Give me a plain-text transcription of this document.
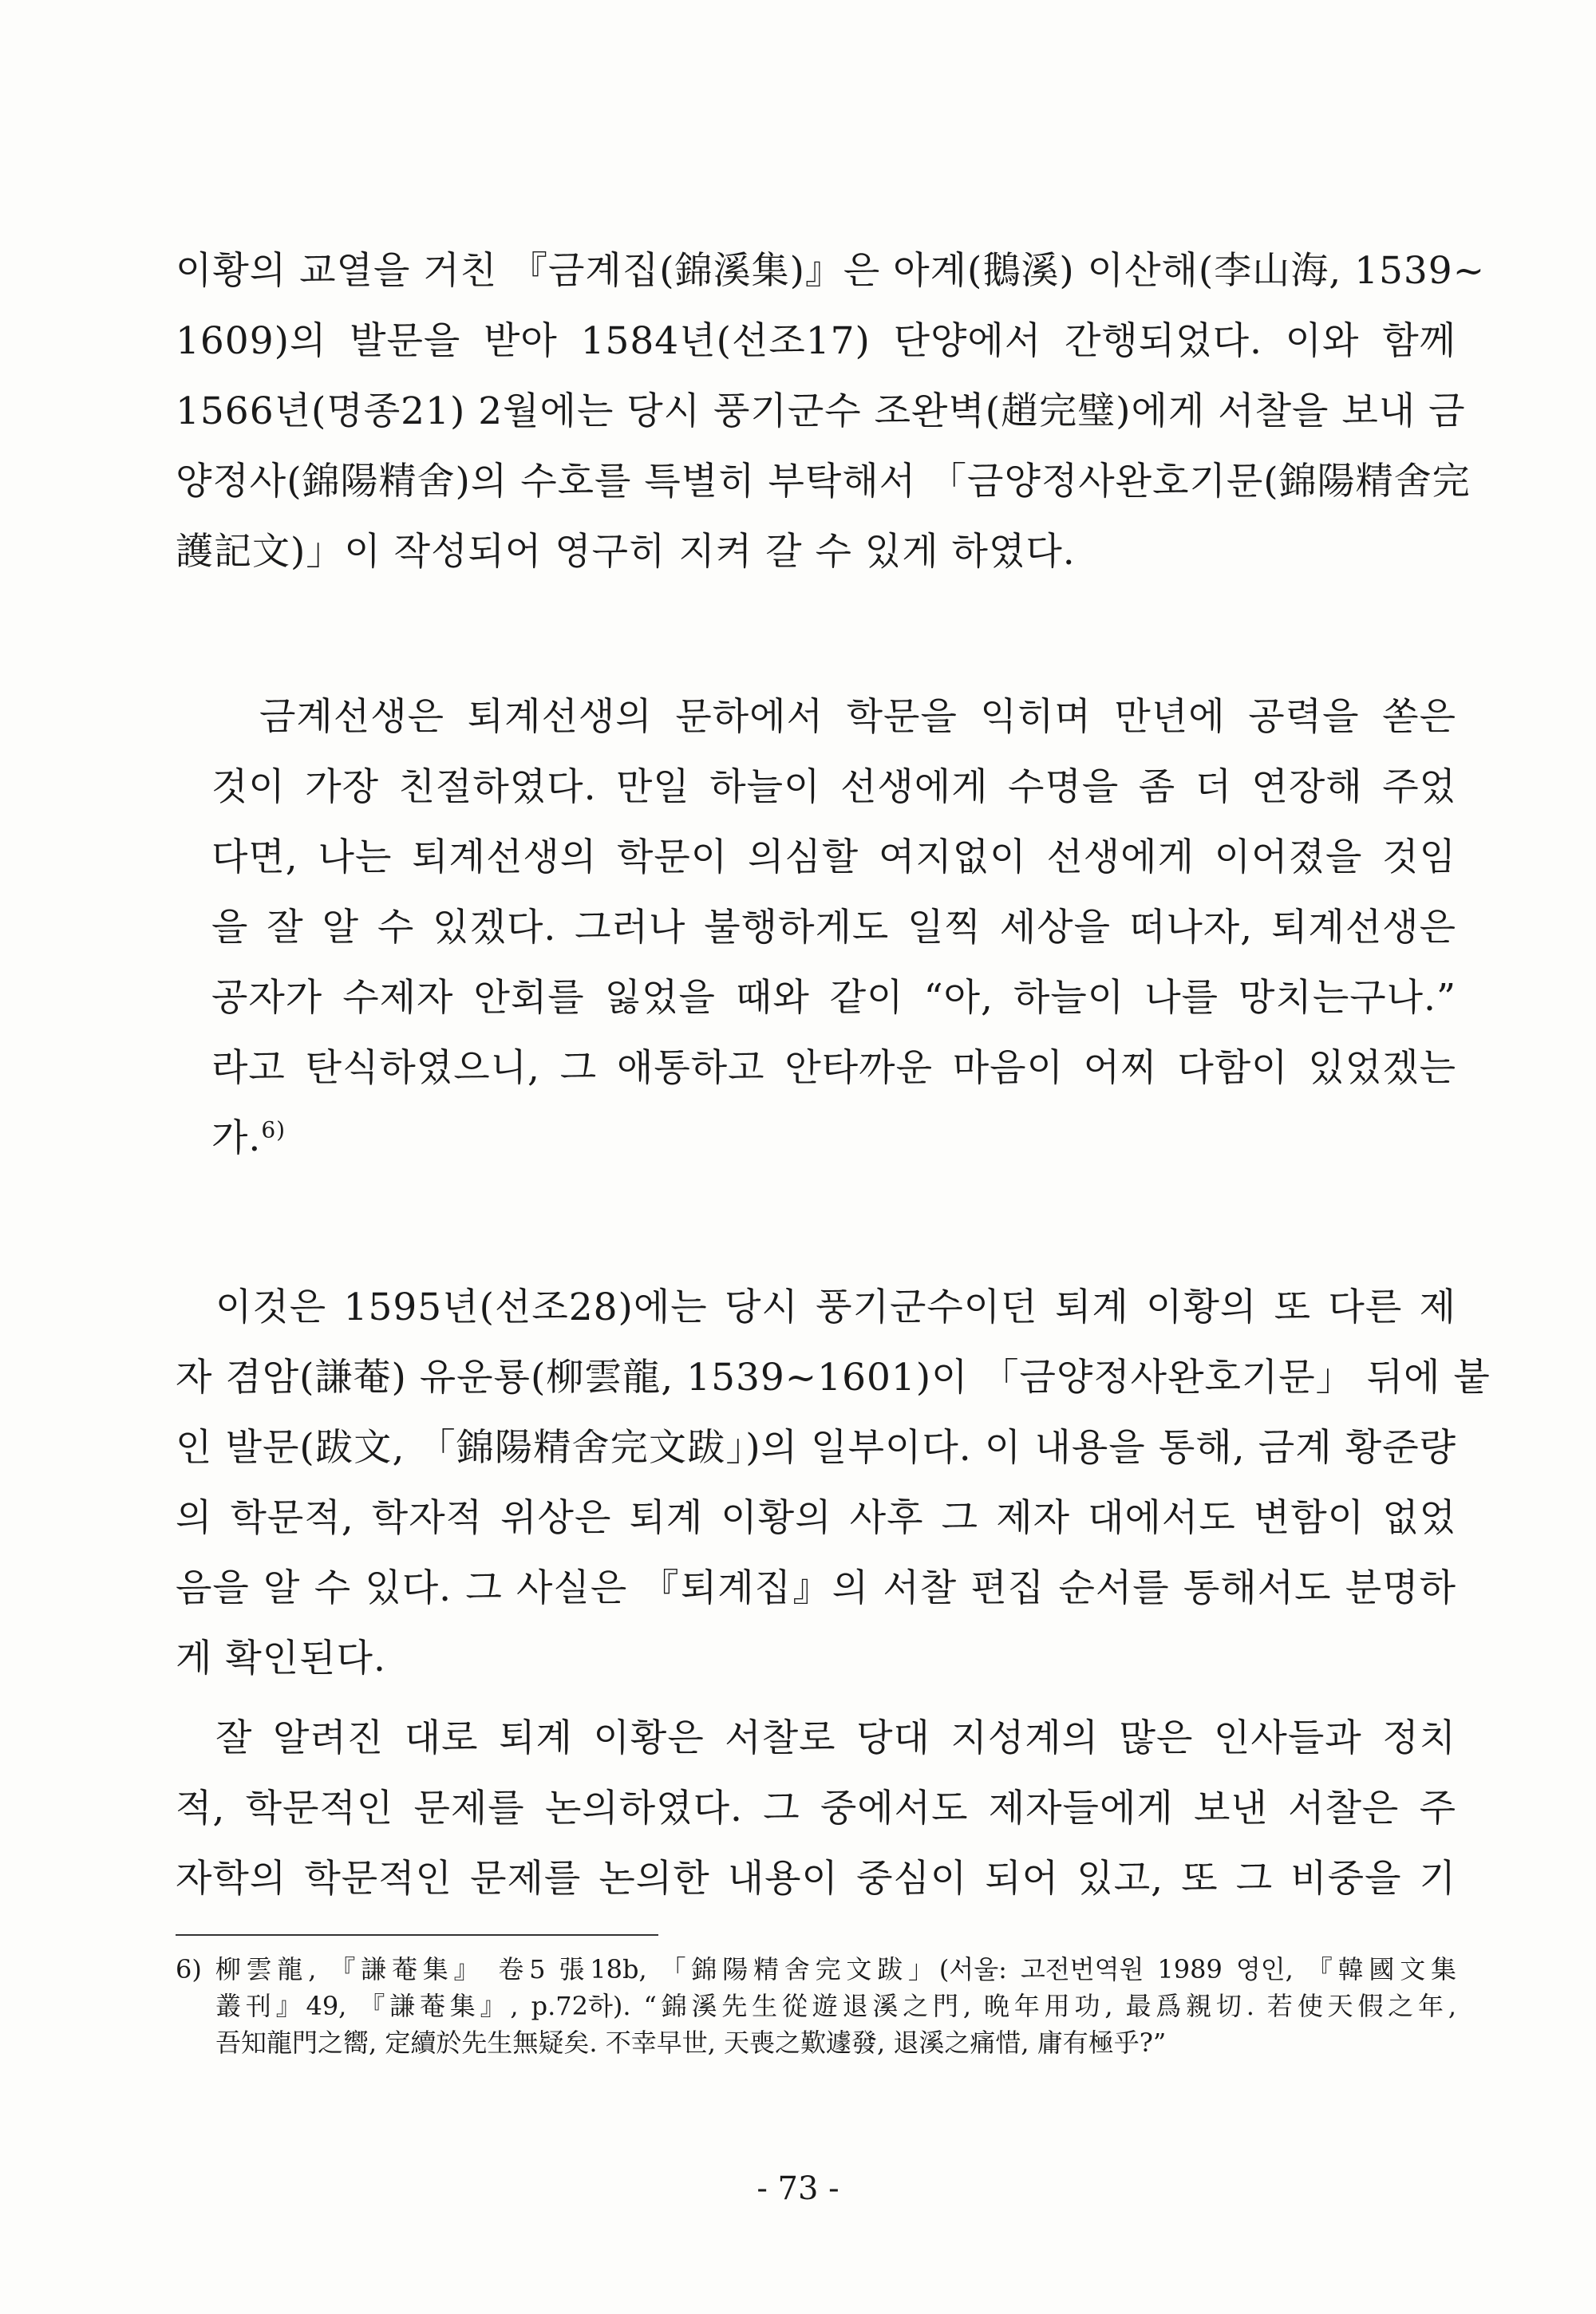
이황의 교열을 거친 『금계집(錦溪集)』은 아계(鵝溪) 이산해(李山海, 1539~
1609)의 발문을 받아 1584년(선조17) 단양에서 간행되었다. 이와 함께
1566년(명종21) 2월에는 당시 풍기군수 조완벽(趙完璧)에게 서찰을 보내 금
양정사(錦陽精舍)의 수호를 특별히 부탁해서 「금양정사완호기문(錦陽精舍完
護記文)」이 작성되어 영구히 지켜 갈 수 있게 하였다.
금계선생은 퇴계선생의 문하에서 학문을 익히며 만년에 공력을 쏟은
것이 가장 친절하였다. 만일 하늘이 선생에게 수명을 좀 더 연장해 주었
다면, 나는 퇴계선생의 학문이 의심할 여지없이 선생에게 이어졌을 것임
을 잘 알 수 있겠다. 그러나 불행하게도 일찍 세상을 떠나자, 퇴계선생은
공자가 수제자 안회를 잃었을 때와 같이 “아, 하늘이 나를 망치는구나.”
라고 탄식하였으니, 그 애통하고 안타까운 마음이 어찌 다함이 있었겠는
가.$^{6)}$
이것은 1595년(선조28)에는 당시 풍기군수이던 퇴계 이황의 또 다른 제
자 겸암(謙菴) 유운룡(柳雲龍, 1539~1601)이 「금양정사완호기문」 뒤에 붙
인 발문(跋文, 「錦陽精舍完文跋」)의 일부이다. 이 내용을 통해, 금계 황준량
의 학문적, 학자적 위상은 퇴계 이황의 사후 그 제자 대에서도 변함이 없었
음을 알 수 있다. 그 사실은 『퇴계집』의 서찰 편집 순서를 통해서도 분명하
게 확인된다.
잘 알려진 대로 퇴계 이황은 서찰로 당대 지성계의 많은 인사들과 정치
적, 학문적인 문제를 논의하였다. 그 중에서도 제자들에게 보낸 서찰은 주
자학의 학문적인 문제를 논의한 내용이 중심이 되어 있고, 또 그 비중을 기
6) 柳雲龍, 『謙菴集』 卷5 張18b, 「錦陽精舍完文跋」(서울: 고전번역원 1989 영인, 『韓國文集
叢刊』49, 『謙菴集』, p.72하). “錦溪先生從遊退溪之門, 晩年用功, 最爲親切. 若使天假之年,
吾知龍門之嚮, 定續於先生無疑矣. 不幸早世, 天喪之歎遽發, 退溪之痛惜, 庸有極乎?”
- 73 -
